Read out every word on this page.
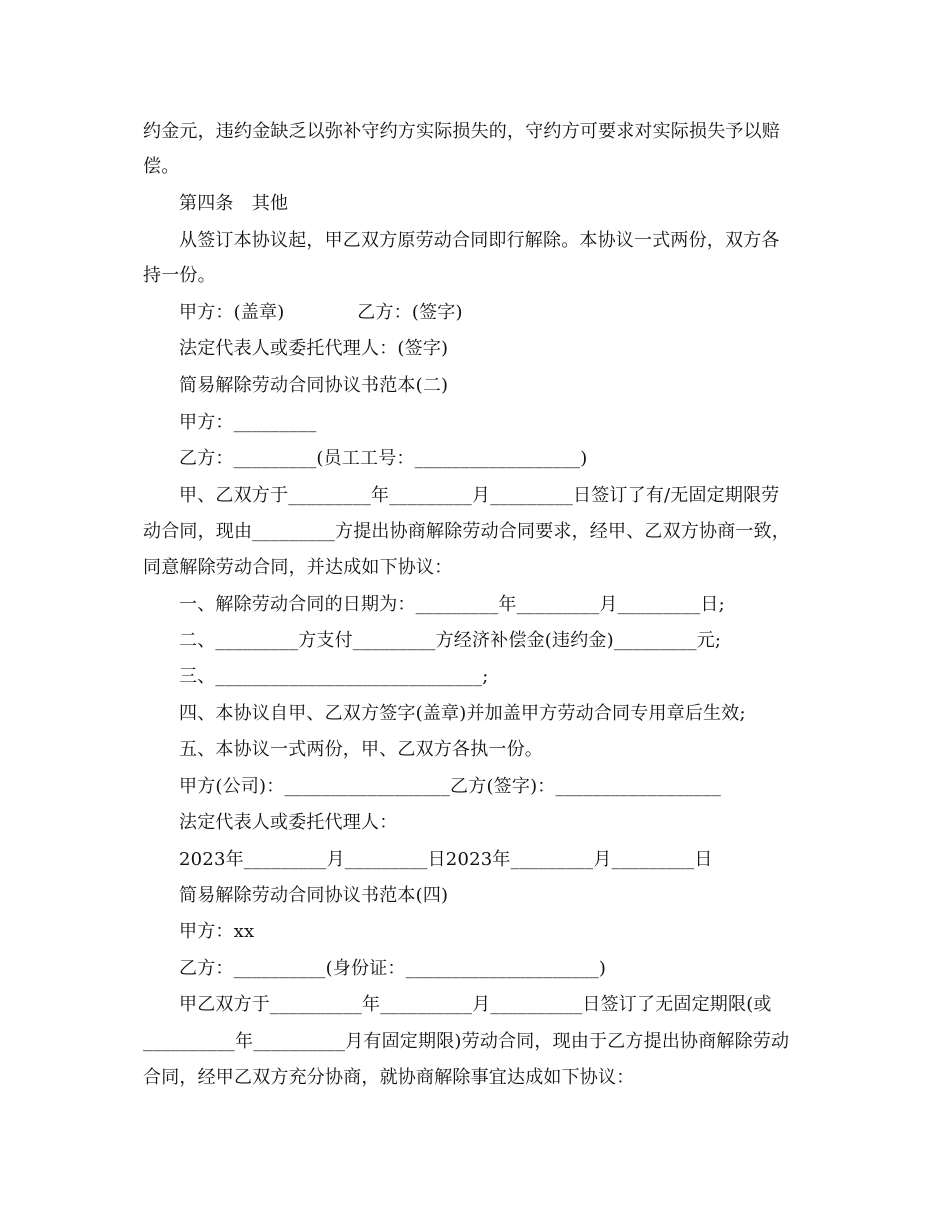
约金元，违约金缺乏以弥补守约方实际损失的，守约方可要求对实际损失予以赔
偿。
第四条　其他
从签订本协议起，甲乙双方原劳动合同即行解除。本协议一式两份，双方各
持一份。
甲方：(盖章)　　　　乙方：(签字)
法定代表人或委托代理人：(签字)
简易解除劳动合同协议书范本(二)
甲方：_________
乙方：_________(员工工号：__________________)
甲、乙双方于_________年_________月_________日签订了有/无固定期限劳
动合同，现由_________方提出协商解除劳动合同要求，经甲、乙双方协商一致，
同意解除劳动合同，并达成如下协议：
一、解除劳动合同的日期为：_________年_________月_________日;
二、_________方支付_________方经济补偿金(违约金)_________元;
三、_____________________________;
四、本协议自甲、乙双方签字(盖章)并加盖甲方劳动合同专用章后生效;
五、本协议一式两份，甲、乙双方各执一份。
甲方(公司)：__________________乙方(签字)：__________________
法定代表人或委托代理人：
2023年_________月_________日2023年_________月_________日
简易解除劳动合同协议书范本(四)
甲方：xx
乙方：__________(身份证：_____________________)
甲乙双方于__________年__________月__________日签订了无固定期限(或
__________年__________月有固定期限)劳动合同，现由于乙方提出协商解除劳动
合同，经甲乙双方充分协商，就协商解除事宜达成如下协议：
